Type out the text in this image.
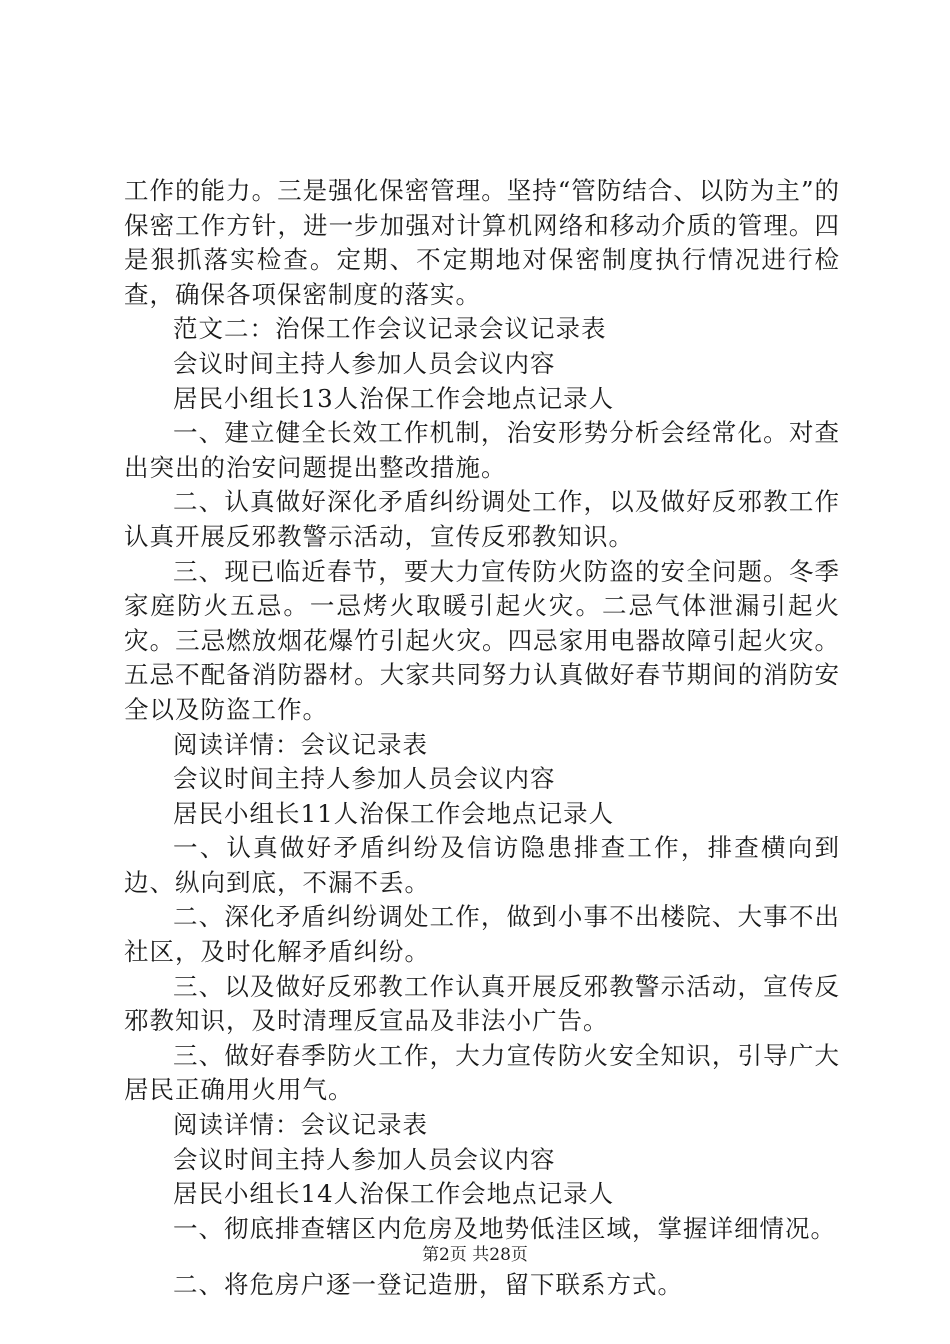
工作的能力。三是强化保密管理。坚持“管防结合、以防为主”的保密工作方针，进一步加强对计算机网络和移动介质的管理。四是狠抓落实检查。定期、不定期地对保密制度执行情况进行检查，确保各项保密制度的落实。

范文二：治保工作会议记录会议记录表

会议时间主持人参加人员会议内容

居民小组长13人治保工作会地点记录人

一、建立健全长效工作机制，治安形势分析会经常化。对查出突出的治安问题提出整改措施。

二、认真做好深化矛盾纠纷调处工作，以及做好反邪教工作认真开展反邪教警示活动，宣传反邪教知识。

三、现已临近春节，要大力宣传防火防盗的安全问题。冬季家庭防火五忌。一忌烤火取暖引起火灾。二忌气体泄漏引起火灾。三忌燃放烟花爆竹引起火灾。四忌家用电器故障引起火灾。五忌不配备消防器材。大家共同努力认真做好春节期间的消防安全以及防盗工作。

阅读详情：会议记录表

会议时间主持人参加人员会议内容

居民小组长11人治保工作会地点记录人

一、认真做好矛盾纠纷及信访隐患排查工作，排查横向到边、纵向到底，不漏不丢。

二、深化矛盾纠纷调处工作，做到小事不出楼院、大事不出社区，及时化解矛盾纠纷。

三、以及做好反邪教工作认真开展反邪教警示活动，宣传反邪教知识，及时清理反宣品及非法小广告。

三、做好春季防火工作，大力宣传防火安全知识，引导广大居民正确用火用气。

阅读详情：会议记录表

会议时间主持人参加人员会议内容

居民小组长14人治保工作会地点记录人

一、彻底排查辖区内危房及地势低洼区域，掌握详细情况。

二、将危房户逐一登记造册，留下联系方式。

第2页 共28页
